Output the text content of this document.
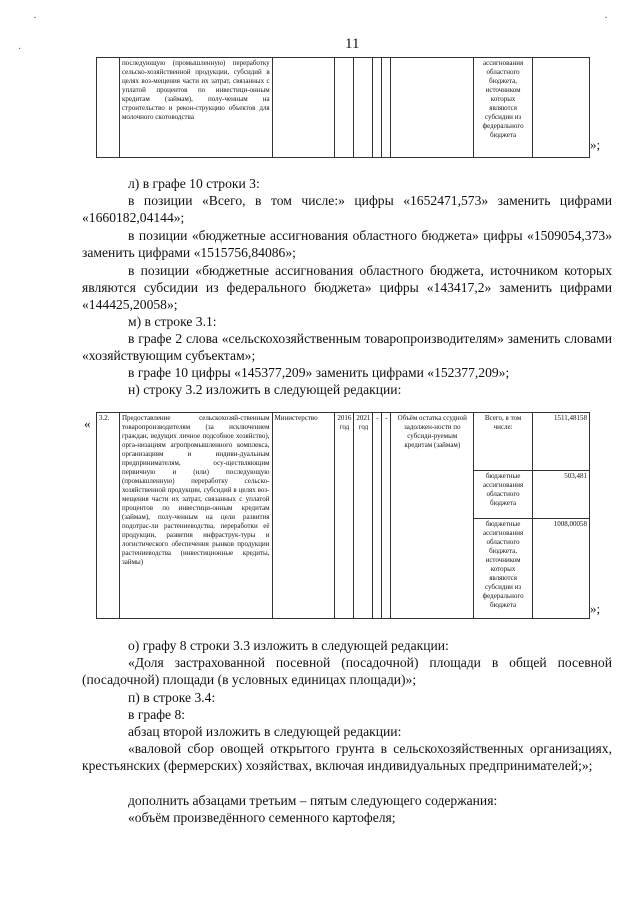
·
·
·
11
	последующую (промышленную) переработку сельско-хозяйственной продукции, субсидий в целях воз-мещения части их затрат, связанных с уплатой процентов по инвестици-онным кредитам (займам), полу-ченным на строительство и рекон-струкцию объектов для молочного скотоводства							ассигнования областного бюджета, источником которых являются субсидии из федерального бюджета	
»;
л) в графе 10 строки 3:
в позиции «Всего, в том числе:» цифры «1652471,573» заменить цифрами «1660182,04144»;
в позиции «бюджетные ассигнования областного бюджета» цифры «1509054,373» заменить цифрами «1515756,84086»;
в позиции «бюджетные ассигнования областного бюджета, источником которых являются субсидии из федерального бюджета» цифры «143417,2» заменить цифрами «144425,20058»;
м) в строке 3.1:
в графе 2 слова «сельскохозяйственным товаропроизводителям» заменить словами «хозяйствующим субъектам»;
в графе 10 цифры «145377,209» заменить цифрами «152377,209»;
н) строку 3.2 изложить в следующей редакции:
« 3.2.	Предоставление сельскохозяй-ственным товаропроизводителям (за исключением граждан, ведущих личное подсобное хозяйство), орга-низациям агропромышленного комплекса, организациям и индиви-дуальным предпринимателям, осу-ществляющим первичную и (или) последующую (промышленную) переработку сельско-хозяйственной продукции, субсидий в целях воз-мещения части их затрат, связанных с уплатой процентов по инвестици-онным кредитам (займам), полу-ченным на цели развития подотрас-ли растениеводства, переработки её продукции, развития инфраструк-туры и логистического обеспечения рынков продукции растениеводства (инвестиционные кредиты, займы)	Министерство	2016 год	2021 год	-	-	Объём остатка ссудной задолжен-ности по субсиди-руемым кредитам (займам)	Всего, в том числе:	1511,48158
								бюджетные ассигнования областного бюджета	503,481
								бюджетные ассигнования областного бюджета, источником которых являются субсидии из федерального бюджета	1008,00058
»;
о) графу 8 строки 3.3 изложить в следующей редакции:
«Доля застрахованной посевной (посадочной) площади в общей посевной (посадочной) площади (в условных единицах площади)»;
п) в строке 3.4:
в графе 8:
абзац второй изложить в следующей редакции:
«валовой сбор овощей открытого грунта в сельскохозяйственных организациях, крестьянских (фермерских) хозяйствах, включая индивидуальных предпринимателей;»;
дополнить абзацами третьим – пятым следующего содержания:
«объём произведённого семенного картофеля;
